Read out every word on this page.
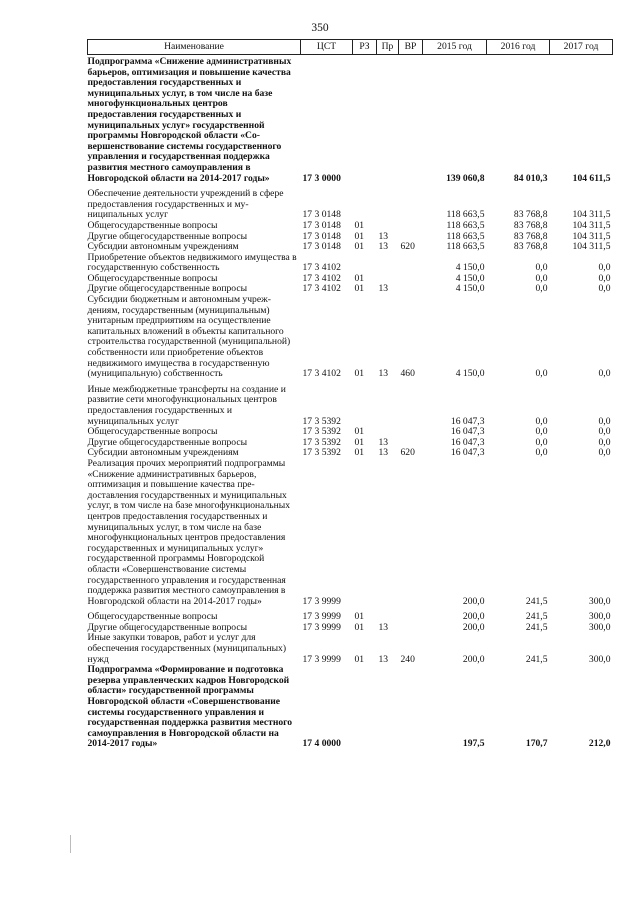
350
Наименование	ЦСТ	РЗ	Пр	ВР	2015 год	2016 год	2017 год
Подпрограмма «Снижение административных барьеров, оптимизация и повышение качества предоставления государственных и муниципальных услуг, в том числе на базе многофункциональных центров предоставления государственных и муниципальных услуг» государственной программы Новгородской области «Совершенствование системы государственного управления и государственная поддержка развития местного самоуправления в Новгородской области на 2014-2017 годы»	17 3 0000				139 060,8	84 010,3	104 611,5
Обеспечение деятельности учреждений в сфере предоставления государственных и муниципальных услуг	17 3 0148				118 663,5	83 768,8	104 311,5
Общегосударственные вопросы	17 3 0148	01			118 663,5	83 768,8	104 311,5
Другие общегосударственные вопросы	17 3 0148	01	13		118 663,5	83 768,8	104 311,5
Субсидии автономным учреждениям	17 3 0148	01	13	620	118 663,5	83 768,8	104 311,5
Приобретение объектов недвижимого имущества в государственную собственность	17 3 4102				4 150,0	0,0	0,0
Общегосударственные вопросы	17 3 4102	01			4 150,0	0,0	0,0
Другие общегосударственные вопросы	17 3 4102	01	13		4 150,0	0,0	0,0
Субсидии бюджетным и автономным учреждениям, государственным (муниципальным) унитарным предприятиям на осуществление капитальных вложений в объекты капитального строительства государственной (муниципальной) собственности или приобретение объектов недвижимого имущества в государственную (муниципальную) собственность	17 3 4102	01	13	460	4 150,0	0,0	0,0
Иные межбюджетные трансферты на создание и развитие сети многофункциональных центров предоставления государственных и муниципальных услуг	17 3 5392				16 047,3	0,0	0,0
Общегосударственные вопросы	17 3 5392	01			16 047,3	0,0	0,0
Другие общегосударственные вопросы	17 3 5392	01	13		16 047,3	0,0	0,0
Субсидии автономным учреждениям	17 3 5392	01	13	620	16 047,3	0,0	0,0
Реализация прочих мероприятий подпрограммы «Снижение административных барьеров, оптимизация и повышение качества предоставления государственных и муниципальных услуг, в том числе на базе многофункциональных центров предоставления государственных и муниципальных услуг, в том числе на базе многофункциональных центров предоставления государственных и муниципальных услуг» государственной программы Новгородской области «Совершенствование системы государственного управления и государственная поддержка развития местного самоуправления в Новгородской области на 2014-2017 годы»	17 3 9999				200,0	241,5	300,0
Общегосударственные вопросы	17 3 9999	01			200,0	241,5	300,0
Другие общегосударственные вопросы	17 3 9999	01	13		200,0	241,5	300,0
Иные закупки товаров, работ и услуг для обеспечения государственных (муниципальных) нужд	17 3 9999	01	13	240	200,0	241,5	300,0
Подпрограмма «Формирование и подготовка резерва управленческих кадров Новгородской области» государственной программы Новгородской области «Совершенствование системы государственного управления и государственная поддержка развития местного самоуправления в Новгородской области на 2014-2017 годы»	17 4 0000				197,5	170,7	212,0
